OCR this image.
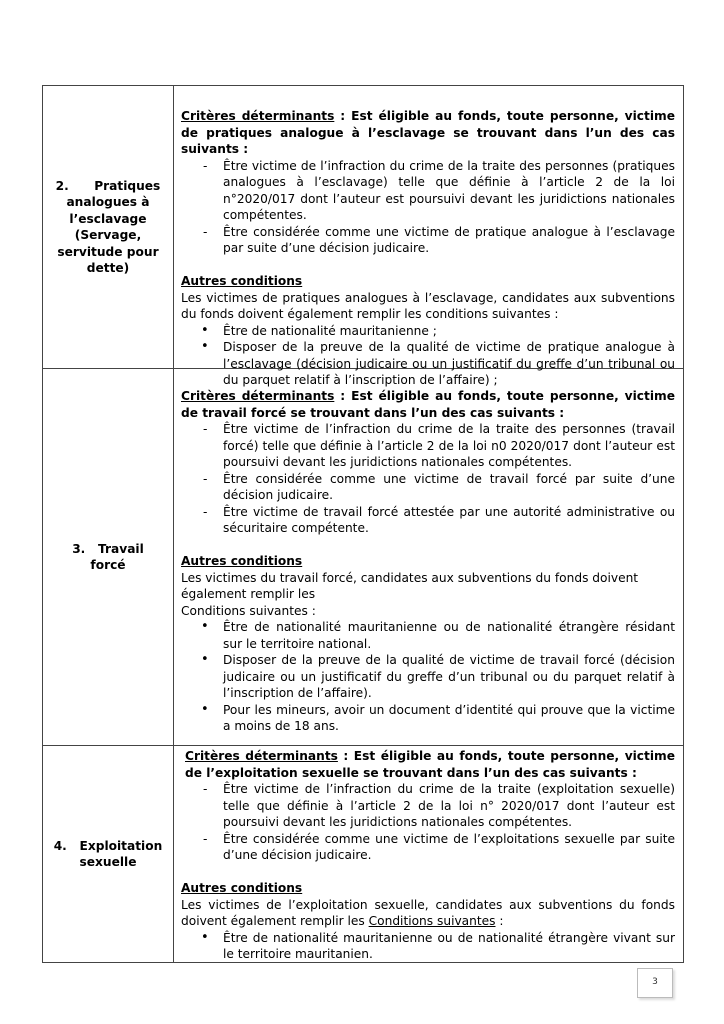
2.      Pratiques
analogues à
l’esclavage
(Servage,
servitude pour
dette)

Critères déterminants : Est éligible au fonds, toute personne, victime de pratiques analogue à l’esclavage se trouvant dans l’un des cas suivants :

- Être victime de l’infraction du crime de la traite des personnes (pratiques analogues à l’esclavage) telle que définie à l’article 2 de la loi n°2020/017 dont l’auteur est poursuivi devant les juridictions nationales compétentes.

- Être considérée comme une victime de pratique analogue à l’esclavage par suite d’une décision judicaire.

Autres conditions

Les victimes de pratiques analogues à l’esclavage, candidates aux subventions du fonds doivent également remplir les conditions suivantes :

• Être de nationalité mauritanienne ;

• Disposer de la preuve de la qualité de victime de pratique analogue à l’esclavage (décision judicaire ou un justificatif du greffe d’un tribunal ou du parquet relatif à l’inscription de l’affaire) ;

3.   Travail
forcé

Critères déterminants : Est éligible au fonds, toute personne, victime de travail forcé se trouvant dans l’un des cas suivants :

- Être victime de l’infraction du crime de la traite des personnes (travail forcé) telle que définie à l’article 2 de la loi n0 2020/017 dont l’auteur est poursuivi devant les juridictions nationales compétentes.

- Être considérée comme une victime de travail forcé par suite d’une décision judicaire.

- Être victime de travail forcé attestée par une autorité administrative ou sécuritaire compétente.

Autres conditions

Les victimes du travail forcé, candidates aux subventions du fonds doivent également remplir les

Conditions suivantes :

• Être de nationalité mauritanienne ou de nationalité étrangère résidant sur le territoire national.

• Disposer de la preuve de la qualité de victime de travail forcé (décision judicaire ou un justificatif du greffe d’un tribunal ou du parquet relatif à l’inscription de l’affaire).

• Pour les mineurs, avoir un document d’identité qui prouve que la victime a moins de 18 ans.

4.   Exploitation
sexuelle

Critères déterminants : Est éligible au fonds, toute personne, victime de l’exploitation sexuelle se trouvant dans l’un des cas suivants :

- Être victime de l’infraction du crime de la traite (exploitation sexuelle) telle que définie à l’article 2 de la loi n° 2020/017 dont l’auteur est poursuivi devant les juridictions nationales compétentes.

- Être considérée comme une victime de l’exploitations sexuelle par suite d’une décision judicaire.

Autres conditions

Les victimes de l’exploitation sexuelle, candidates aux subventions du fonds doivent également remplir les Conditions suivantes :

• Être de nationalité mauritanienne ou de nationalité étrangère vivant sur le territoire mauritanien.

3
